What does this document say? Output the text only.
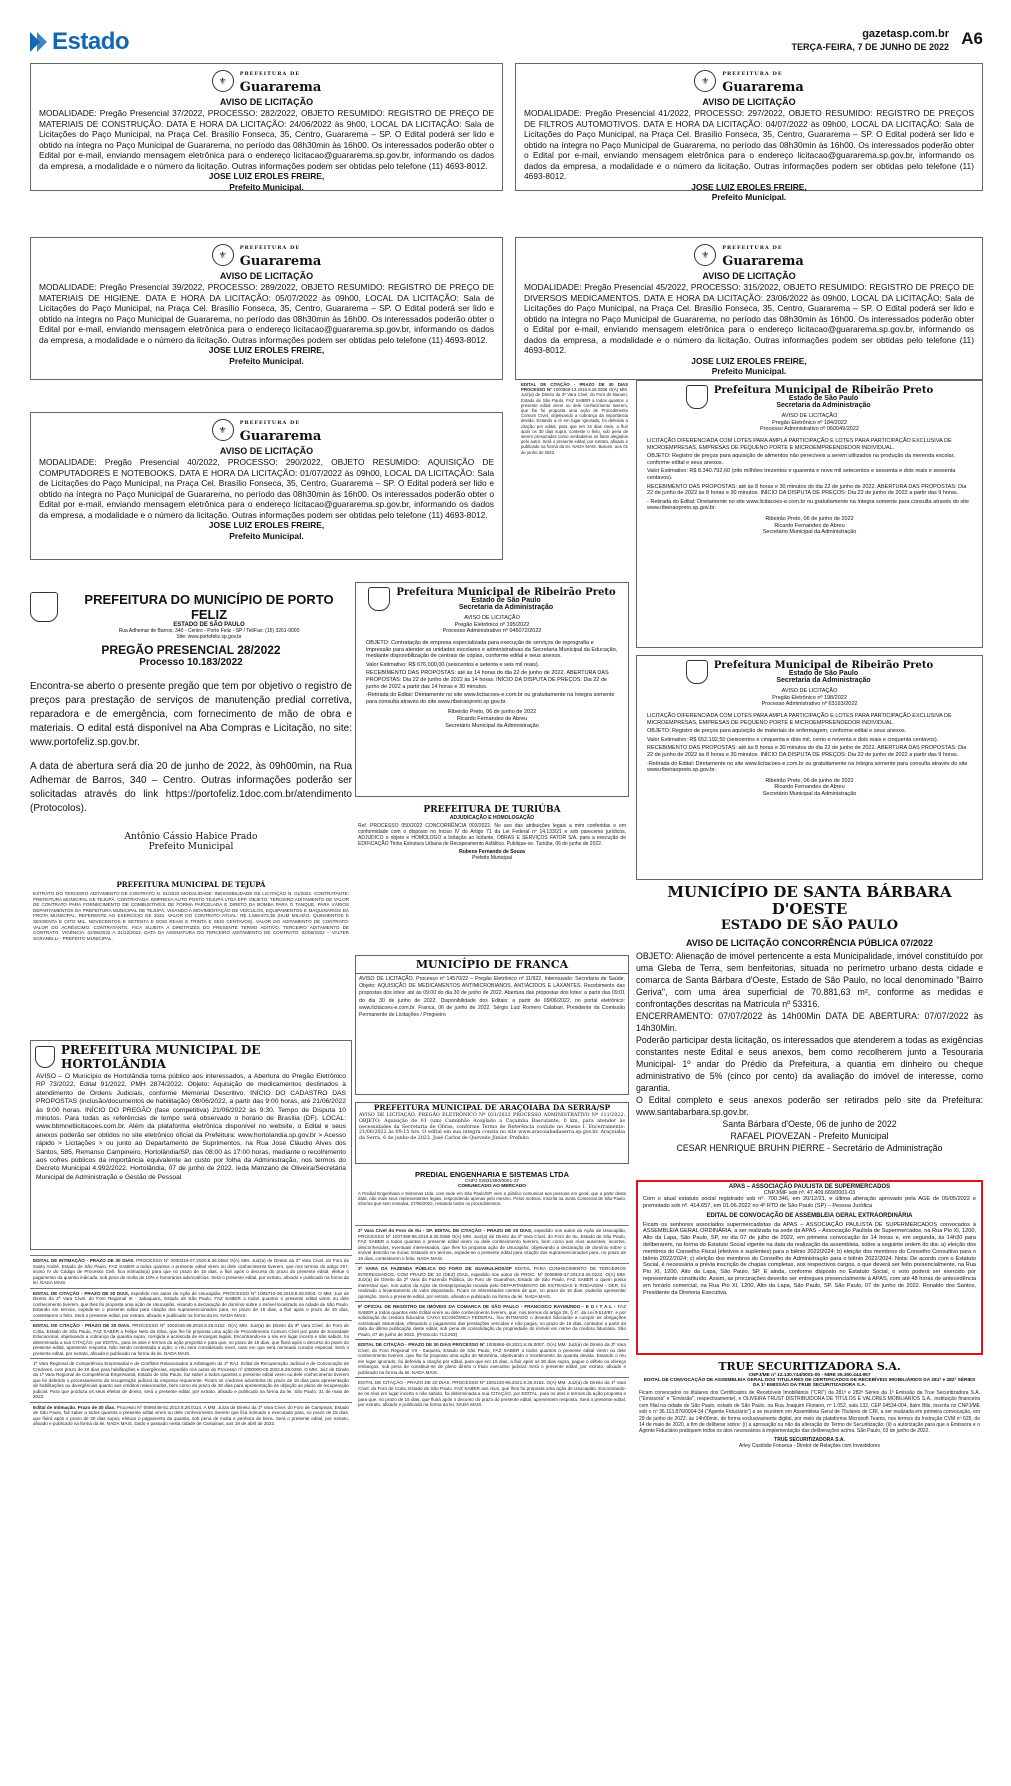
Estado	gazetasp.com.br
TERÇA-FEIRA, 7 DE JUNHO DE 2022 A6
⚜
PREFEITURA DE
Guararema
AVISO DE LICITAÇÃO
MODALIDADE: Pregão Presencial 37/2022, PROCESSO: 282/2022, OBJETO RESUMIDO: REGISTRO DE PREÇO DE MATERIAIS DE CONSTRUÇÃO. DATA E HORA DA LICITAÇÃO: 24/06/2022 às 9h00, LOCAL DA LICITAÇÃO: Sala de Licitações do Paço Municipal, na Praça Cel. Brasílio Fonseca, 35, Centro, Guararema – SP. O Edital poderá ser lido e obtido na íntegra no Paço Municipal de Guararema, no período das 08h30min às 16h00. Os interessados poderão obter o Edital por e-mail, enviando mensagem eletrônica para o endereço licitacao@guararema.sp.gov.br, informando os dados da empresa, a modalidade e o número da licitação. Outras informações podem ser obtidas pelo telefone (11) 4693-8012.
JOSE LUIZ EROLES FREIRE,
Prefeito Municipal.
⚜
PREFEITURA DE
Guararema
AVISO DE LICITAÇÃO
MODALIDADE: Pregão Presencial 41/2022, PROCESSO: 297/2022, OBJETO RESUMIDO: REGISTRO DE PREÇOS DE FILTROS AUTOMOTIVOS. DATA E HORA DA LICITAÇÃO: 04/07/2022 às 09h00, LOCAL DA LICITAÇÃO: Sala de Licitações do Paço Municipal, na Praça Cel. Brasílio Fonseca, 35, Centro, Guararema – SP. O Edital poderá ser lido e obtido na íntegra no Paço Municipal de Guararema, no período das 08h30min às 16h00. Os interessados poderão obter o Edital por e-mail, enviando mensagem eletrônica para o endereço licitacao@guararema.sp.gov.br, informando os dados da empresa, a modalidade e o número da licitação. Outras informações podem ser obtidas pelo telefone (11) 4693-8012.
JOSE LUIZ EROLES FREIRE,
Prefeito Municipal.
⚜
PREFEITURA DE
Guararema
AVISO DE LICITAÇÃO
MODALIDADE: Pregão Presencial 39/2022, PROCESSO: 289/2022, OBJETO RESUMIDO: REGISTRO DE PREÇO DE MATERIAIS DE HIGIENE. DATA E HORA DA LICITAÇÃO: 05/07/2022 às 09h00, LOCAL DA LICITAÇÃO: Sala de Licitações do Paço Municipal, na Praça Cel. Brasílio Fonseca, 35, Centro, Guararema – SP. O Edital poderá ser lido e obtido na íntegra no Paço Municipal de Guararema, no período das 08h30min às 16h00. Os interessados poderão obter o Edital por e-mail, enviando mensagem eletrônica para o endereço licitacao@guararema.sp.gov.br, informando os dados da empresa, a modalidade e o número da licitação. Outras informações podem ser obtidas pelo telefone (11) 4693-8012.
JOSE LUIZ EROLES FREIRE,
Prefeito Municipal.
⚜
PREFEITURA DE
Guararema
AVISO DE LICITAÇÃO
MODALIDADE: Pregão Presencial 45/2022, PROCESSO: 315/2022, OBJETO RESUMIDO: REGISTRO DE PREÇO DE DIVERSOS MEDICAMENTOS. DATA E HORA DA LICITAÇÃO: 23/06/2022 às 09h00, LOCAL DA LICITAÇÃO: Sala de Licitações do Paço Municipal, na Praça Cel. Brasílio Fonseca, 35, Centro, Guararema – SP. O Edital poderá ser lido e obtido na íntegra no Paço Municipal de Guararema, no período das 08h30min às 16h00. Os interessados poderão obter o Edital por e-mail, enviando mensagem eletrônica para o endereço licitacao@guararema.sp.gov.br, informando os dados da empresa, a modalidade e o número da licitação. Outras informações podem ser obtidas pelo telefone (11) 4693-8012.
JOSE LUIZ EROLES FREIRE,
Prefeito Municipal.
⚜
PREFEITURA DE
Guararema
AVISO DE LICITAÇÃO
MODALIDADE: Pregão Presencial 40/2022, PROCESSO: 290/2022, OBJETO RESUMIDO: AQUISIÇÃO DE COMPUTADORES E NOTEBOOKS. DATA E HORA DA LICITAÇÃO: 01/07/2022 às 09h00, LOCAL DA LICITAÇÃO: Sala de Licitações do Paço Municipal, na Praça Cel. Brasílio Fonseca, 35, Centro, Guararema – SP. O Edital poderá ser lido e obtido na íntegra no Paço Municipal de Guararema, no período das 08h30min às 16h00. Os interessados poderão obter o Edital por e-mail, enviando mensagem eletrônica para o endereço licitacao@guararema.sp.gov.br, informando os dados da empresa, a modalidade e o número da licitação. Outras informações podem ser obtidas pelo telefone (11) 4693-8012.
JOSE LUIZ EROLES FREIRE,
Prefeito Municipal.
EDITAL DE CITAÇÃO - PRAZO DE 30 DIAS PROCESSO Nº 1000868-13.2018.8.26.0068 O(A) MM. Juiz(a) de Direito da 3ª Vara Cível, do Foro de Barueri, Estado de São Paulo, FAZ SABER a todos quantos o presente edital virem ou dele conhecimento tiverem, que lhe foi proposta uma ação de Procedimento Comum Cível, objetivando a cobrança da importância devida. Estando a ré em lugar ignorado, foi deferida a citação por edital, para que em 15 dias úteis, a fluir após os 30 dias supra, conteste o feito, sob pena de serem presumidos como verdadeiros os fatos alegados pelo autor. Será o presente edital, por extrato, afixado e publicado na forma da lei. NADA MAIS. Barueri, aos 01 de junho de 2022.
Prefeitura Municipal de Ribeirão Preto
Estado de São Paulo
Secretaria da Administração
AVISO DE LICITAÇÃO
Pregão Eletrônico nº 184/2022
Processo Administrativo nº 060049/2022

LICITAÇÃO DIFERENCIADA COM LOTES PARA AMPLA PARTICIPAÇÃO E LOTES PARA PARTICIPAÇÃO EXCLUSIVA DE MICROEMPRESAS, EMPRESAS DE PEQUENO PORTE E MICROEMPREENDEDOR INDIVIDUAL.

OBJETO: Registro de preços para aquisição de alimentos não perecíveis a serem utilizados na produção da merenda escolar, conforme edital e seus anexos.

Valor Estimativo: R$ 8.340.792,60 (oito milhões trezentos e quarenta e nove mil setecentos e sessenta e dois reais e sessenta centavos).

RECEBIMENTO DAS PROPOSTAS: até às 8 horas e 30 minutos do dia 22 de junho de 2022. ABERTURA DAS PROPOSTAS: Dia 22 de junho de 2022 às 8 horas e 30 minutos. INÍCIO DA DISPUTA DE PREÇOS: Dia 22 de junho de 2022 a partir das 9 horas.

- Retirada do Edital: Diretamente no site www.licitacoes-e.com.br ou gratuitamente na íntegra somente para consulta através do site www.ribeiraopreto.sp.gov.br.

Ribeirão Preto, 06 de junho de 2022
Ricardo Fernandes de Abreu
Secretário Municipal da Administração
PREFEITURA DO MUNICÍPIO DE PORTO FELIZ
ESTADO DE SÃO PAULO
Rua Adhemar de Barros, 340 - Centro - Porto Feliz - SP / Tel/Fax: (15) 3261-9000
Site: www.portofeliz.sp.gov.br
PREGÃO PRESENCIAL 28/2022
Processo 10.183/2022
Encontra-se aberto o presente pregão que tem por objetivo o registro de preços para prestação de serviços de manutenção predial corretiva, reparadora e de emergência, com fornecimento de mão de obra e materiais. O edital está disponível na Aba Compras e Licitação, no site: www.portofeliz.sp.gov.br.
A data de abertura será dia 20 de junho de 2022, às 09h00min, na Rua Adhemar de Barros, 340 – Centro. Outras informações poderão ser solicitadas através do link https://portofeliz.1doc.com.br/atendimento (Protocolos).
Antônio Cássio Habice Prado
Prefeito Municipal
Prefeitura Municipal de Ribeirão Preto
Estado de São Paulo
Secretaria da Administração
AVISO DE LICITAÇÃO
Pregão Eletrônico nº 195/2022
Processo Administrativo nº 046072/2022

OBJETO: Contratação de empresa especializada para execução de serviços de reprografia e impressão para atender as unidades escolares e administrativas da Secretaria Municipal da Educação, mediante disponibilização de centrais de cópias, conforme edital e seus anexos.

Valor Estimativo: R$ 676.000,00 (seiscentos e setenta e seis mil reais).

RECEBIMENTO DAS PROPOSTAS: até às 14 horas do dia 22 de junho de 2022. ABERTURA DAS PROPOSTAS: Dia 22 de junho de 2022 às 14 horas. INÍCIO DA DISPUTA DE PREÇOS: Dia 22 de junho de 2022 a partir das 14 horas e 30 minutos.

-Retirada do Edital: Diretamente no site www.licitacoes-e.com.br ou gratuitamente na íntegra somente para consulta através do site www.ribeiraopreto.sp.gov.br.

Ribeirão Preto, 06 de junho de 2022
Ricardo Fernandes de Abreu
Secretário Municipal da Administração
Prefeitura Municipal de Ribeirão Preto
Estado de São Paulo
Secretaria da Administração
AVISO DE LICITAÇÃO
Pregão Eletrônico nº 198/2022
Processo Administrativo nº 63193/2022

LICITAÇÃO DIFERENCIADA COM LOTES PARA AMPLA PARTICIPAÇÃO E LOTES PARA PARTICIPAÇÃO EXCLUSIVA DE MICROEMPRESAS, EMPRESAS DE PEQUENO PORTE E MICROEMPREENDEDOR INDIVIDUAL.

OBJETO: Registro de preços para aquisição de materiais de enfermagem, conforme edital e seus anexos.

Valor Estimativo: R$ 652.192,50 (seiscentos e cinquenta e dois mil, cento e noventa e dois reais e cinquenta centavos).

RECEBIMENTO DAS PROPOSTAS: até às 8 horas e 30 minutos do dia 22 de junho de 2022. ABERTURA DAS PROPOSTAS: Dia 22 de junho de 2022 às 8 horas e 30 minutos. INÍCIO DA DISPUTA DE PREÇOS: Dia 22 de junho de 2022 a partir das 9 horas.

-Retirada do Edital: Diretamente no site www.licitacoes-e.com.br ou gratuitamente na íntegra somente para consulta através do site www.ribeiraopreto.sp.gov.br.

Ribeirão Preto, 06 de junho de 2022
Ricardo Fernandes de Abreu
Secretário Municipal da Administração
PREFEITURA DE TURIÚBA
ADJUDICAÇÃO E HOMOLOGAÇÃO
Ref. PROCESSO 050/2022 CONCORRÊNCIA 003/2022. No uso das atribuições legais a mim conferidas e em conformidade com o disposto no Inciso IV do Artigo 71 da Lei Federal nº 14.133/21 e sob pareceres jurídicos, ADJUDICO o objeto e HOMOLOGO a licitação ao licitante, OBRAS E SERVIÇOS FATOR S/A, para a execução de EDIFICAÇÃO Tinha Estrutura Urbana de Recapeamento Asfáltico. Publique-se. Turiúba, 06 de junho de 2022.
Rubens Fernando de Souza
Prefeito Municipal
PREFEITURA MUNICIPAL DE TEJUPÁ
EXTRATO DO TERCEIRO ADITAMENTO DE CONTRATO N. 01/2022 MODALIDADE: INEXIGIBILIDADE DE LICITAÇÃO N. 01/2022. CONTRATANTE: PREFEITURA MUNICIPAL DE TEJUPÁ. CONTRATADA: EMPRESA AUTO POSTO TEJUPÁ LTDA EPP. OBJETO: TERCEIRO ADITAMENTO DE VALOR DE CONTRATO PARA FORNECIMENTO DE COMBUSTÍVEIS DE FORMA PARCELADA E DIRETO DA BOMBA PARA O TANQUE, PARA VÁRIOS DEPARTAMENTOS DA PREFEITURA MUNICIPAL DE TEJUPÁ, VISANDO A MOVIMENTAÇÃO DE VEÍCULOS, EQUIPAMENTOS E MAQUINÁRIOS DA FROTA MUNICIPAL, REFERENTE AO EXERCÍCIO DE 2022. VALOR DO CONTRATO ATUAL: R$ 1.568.972,36 (HUM MILHÃO, QUINHENTOS E SESSENTA E OITO MIL, NOVECENTOS E SETENTA E DOIS REAIS E TRINTA E SEIS CENTAVOS). VALOR DO ADITAMENTO DE CONTRATO: VALOR DO ACRÉSCIMO. CONTRATANTE, FICA SUJEITA A DIRETRIZES DO PRESENTE TERMO ADITIVO. TERCEIRO ADITAMENTO DE CONTRATO. VIGÊNCIA: 02/06/2022 A 31/12/2022. DATA DA ASSINATURA DO TERCEIRO ADITAMENTO DE CONTRATO: 02/06/2022 – VALTER SCRANELLI - PREFEITO MUNICIPAL.
MUNICÍPIO DE SANTA BÁRBARA D'OESTE
ESTADO DE SÃO PAULO
AVISO DE LICITAÇÃO CONCORRÊNCIA PÚBLICA 07/2022
OBJETO: Alienação de imóvel pertencente a esta Municipalidade, imóvel constituído por uma Gleba de Terra, sem benfeitorias, situada no perímetro urbano desta cidade e comarca de Santa Bárbara d'Oeste, Estado de São Paulo, no local denominado "Bairro Geriva", com uma área superficial de 70.881,63 m², conforme as medidas e confrontações descritas na Matrícula nº 53316.
ENCERRAMENTO: 07/07/2022 às 14h00Min DATA DE ABERTURA: 07/07/2022 às 14h30Min.
Poderão participar desta licitação, os interessados que atenderem a todas as exigências constantes neste Edital e seus anexos, bem como recolherem junto a Tesouraria Municipal- 1º andar do Prédio da Prefeitura, a quantia em dinheiro ou cheque administrativo de 5% (cinco por cento) da avaliação do imóvel de interesse, como garantia.
O Edital completo e seus anexos poderão ser retirados pelo site da Prefeitura: www.santabarbara.sp.gov.br.
Santa Bárbara d'Oeste, 06 de junho de 2022
RAFAEL PIOVEZAN - Prefeito Municipal
CESAR HENRIQUE BRUHN PIERRE - Secretário de Administração
MUNICÍPIO DE FRANCA
AVISO DE LICITAÇÃO. Processo nº 14570/22 – Pregão Eletrônico nº 11/922. Interessado: Secretaria de Saúde. Objeto: AQUISIÇÃO DE MEDICAMENTOS ANTIMICROBIANOS, ANTIÁCIDOS E LAXANTES. Recebimento das propostas dos lotes: até às 09:00 do dia 30 de junho de 2022. Abertura das propostas dos lotes: a partir das 09:01 do dia 30 de junho de 2022. Disponibilidade dos Editais: a partir de 09/06/2022, no portal eletrônico: www.licitacoes-e.com.br. Franca, 06 de junho de 2022. Sérgio Luiz Romero Calabari. Presidente da Comissão Permanente de Licitações / Pregoeiro
PREFEITURA MUNICIPAL DE HORTOLÂNDIA
AVISO – O Município de Hortolândia torna público aos interessados, a Abertura do Pregão Eletrônico RP 73/2022, Edital 91/2022, PMH 2874/2022. Objeto: Aquisição de medicamentos destinados à atendimento de Ordens Judiciais, conforme Memorial Descritivo. INÍCIO DO CADASTRO DAS PROPOSTAS (inclusão/documentos de habilitação) 08/06/2022, a partir das 9:00 horas, até 21/06/2022 às 9:00 horas. INÍCIO DO PREGÃO (fase competitiva) 21/06/2022 às 9:30. Tempo de Disputa 10 minutos. Para todas as referências de tempo será observado o horário de Brasília (DF). LOCAL: www.bbmnetlicitacoes.com.br. Além da plataforma eletrônica disponível no website, o Edital e seus anexos poderão ser obtidos no site eletrônico oficial da Prefeitura: www.hortolandia.sp.gov.br > Acesso rápido > Licitações > ou junto ao Departamento de Suprimentos, na Rua José Cláudio Alves dos Santos, 585, Remanso Campineiro, Hortolândia/SP, das 08:00 às 17:00 horas, mediante o recolhimento aos cofres públicos da importância equivalente ao custo por folha da Administração, nos termos do Decreto Municipal 4.992/2022. Hortolândia, 07 de junho de 2022. Ieda Manzano de Oliveira/Secretária Municipal de Administração e Gestão de Pessoal
PREFEITURA MUNICIPAL DE ARAÇOIABA DA SERRA/SP
AVISO DE LICITAÇÃO, PREGÃO ELETRÔNICO Nº 031/2022 PROCESSO ADMINISTRATIVO Nº 111/2022. OBJETO: Aquisição de 01 (um) Caminhão Acoplado a Caçamba Basculante, 0 km, para atender às necessidades da Secretaria de Obras, conforme Termo de Referência contido no Anexo I. Encerramento: 21/06/2022 às 09:15 hrs. O edital em sua íntegra consta no site www.aracoiabadaserra.sp.gov.br. Araçoiaba da Serra, 6 de junho de 2022. José Carlos de Quevedo Júnior. Prefeito
PREDIAL ENGENHARIA E SISTEMAS LTDA
CNPJ 02831360/0001-27
COMUNICADO AO MERCADO
A Predial Engenharia e Sistemas Ltda. com sede em São Paulo/SP, vem a público comunicar aos pessoas em geral, que a partir desta data, não mais seus representantes legais, respondendo apenas pelo mesmo. Pelos motivos, inscrita na Junta Comercial de São Paulo, informa que sem ressalva, 27/06/2022, restando todos os procedimentos.
APAS – ASSOCIAÇÃO PAULISTA DE SUPERMERCADOS
CNPJ/MF sob nº. 47.409.669/0001-03
Com o atual estatuto social registrado sob nº. 700.346, em 20/12/21, e última alteração aprovado pela AGE de 05/05/2022 e premotado sob nº. 414.657, em 01.06.2022 no 4º RTD de São Paulo (SP) – Pessoa Jurídica
EDITAL DE CONVOCAÇÃO DE ASSEMBLEIA GERAL EXTRAORDINÁRIA
Ficam os senhores associados supermercadistas da APAS – ASSOCIAÇÃO PAULISTA DE SUPERMERCADOS convocados à ASSEMBLEIA GERAL ORDINÁRIA, a ser realizada na sede da APAS – Associação Paulista de Supermercados, na Rua Pio XI, 1200, Alto da Lapa, São Paulo, SP, no dia 07 de julho de 2022, em primeira convocação às 14 horas e, em segunda, às 14h30 para deliberarem, na forma do Estatuto Social vigente na data da realização da assembleia, sobre a seguinte ordem do dia: a) eleição dos membros do Conselho Fiscal (efetivos e suplentes) para o biênio 2022/2024; b) eleição dos membros do Conselho Consultivo para o biênio 2022/2024; c) eleição dos membros do Conselho de Administração para o biênio 2022/2024. Nota: De acordo com o Estatuto Social, é necessária a prévia inscrição de chapas completas, aos respectivos cargos, o que deverá ser feito presencialmente, na Rua Pio XI, 1200, Alto da Lapa, São Paulo, SP. E ainda, conforme disposto no Estatuto Social, o voto poderá ser exercido por representante constituído. Assim, as procurações deverão ser entregues presencialmente à APAS, com até 48 horas de antecedência em horário comercial, na Rua Pio XI, 1200, Alto da Lapa, São Paulo, SP. São Paulo, 07 de junho de 2022. Ronaldo dos Santos, Presidente da Diretoria Executiva.
TRUE SECURITIZADORA S.A.
CNPJ/ME nº 12.130.744/0001-00 - NIRE 35.300.444.957
EDITAL DE CONVOCAÇÃO DE ASSEMBLEIA GERAL DOS TITULARES DE CERTIFICADOS DE RECEBÍVEIS IMOBILIÁRIOS DA 281ª e 282ª SÉRIES DA 1ª EMISSÃO DA TRUE SECURITIZADORA S.A.
Ficam convocados os titulares dos Certificados de Recebíveis Imobiliários ("CRI") da 281ª e 282ª Séries da 1ª Emissão da True Securitizadora S.A. ("Emissora" e "Emissão", respectivamente), e OLIVEIRA TRUST DISTRIBUIDORA DE TÍTULOS E VALORES MOBILIÁRIOS S.A., instituição financeira com filial na cidade de São Paulo, estado de São Paulo, na Rua Joaquim Floriano, nº 1.052, sala 132, CEP 04534-004, Itaim Bibi, inscrita no CNPJ/ME sob o nº 36.113.876/0004-34 ("Agente Fiduciário") a se reunirem em Assembleia Geral de Titulares de CRI, a ser realizada em primeira convocação, em 29 de junho de 2022, às 14h00min, de forma exclusivamente digital, por meio da plataforma Microsoft Teams, nos termos da Instrução CVM nº 625, de 14 de maio de 2020, a fim de deliberar sobre: (i) a aprovação ou não da alteração do Termo de Securitização; (ii) a autorização para que a Emissora e o Agente Fiduciário pratiquem todos os atos necessários à implementação das deliberações acima. São Paulo, 03 de junho de 2022.
TRUE SECURITIZADORA S.A.
Arley Custódio Fonseca - Diretor de Relações com Investidores
EDITAL DE INTIMAÇÃO - PRAZO DE 30 DIAS. PROCESSO Nº 0000319-07.2020.8.26.0554 O(A) MM. Juiz(a) de Direito da 2ª Vara Cível, do Foro de Santo André, Estado de São Paulo, FAZ SABER a todos quantos o presente edital virem ou dele conhecimento tiverem, que nos termos do artigo 257, inciso IV do Código de Processo Civil, fica intimado(a) para que no prazo de 15 dias, a fluir após o decurso do prazo do presente edital, efetue o pagamento da quantia indicada, sob pena de multa de 10% e honorários advocatícios. Será o presente edital, por extrato, afixado e publicado na forma da lei. NADA MAIS.
EDITAL DE CITAÇÃO - PRAZO DE 20 DIAS, expedido nos autos da Ação de Usucapião, PROCESSO Nº 1005710-36.2019.8.26.0003. O MM. Juiz de Direito da 2ª Vara Cível, do Foro Regional III - Jabaquara, Estado de São Paulo, FAZ SABER a todos quantos o presente edital virem ou dele conhecimento tiverem, que lhes foi proposta uma ação de Usucapião, visando a declaração de domínio sobre o imóvel localizado na cidade de São Paulo. Estando em termos, expede-se o presente edital para citação dos supramencionados para, no prazo de 15 dias, a fluir após o prazo de 20 dias, contestarem o feito. Será o presente edital, por extrato, afixado e publicado na forma da lei. NADA MAIS.
EDITAL DE CITAÇÃO - PRAZO DE 20 DIAS. PROCESSO Nº 1002346-68.2018.8.26.0152. O(A) MM. Juiz(a) de Direito da 3ª Vara Cível, do Foro de Cotia, Estado de São Paulo, FAZ SABER a Felipe Neto da Silva, que lhe foi proposta uma ação de Procedimento Comum Cível por parte de Sociedade Educacional, objetivando a cobrança da quantia supra, corrigida e acrescida de encargos legais. Encontrando-se o réu em lugar incerto e não sabido, foi determinada a sua CITAÇÃO, por EDITAL, para os atos e termos da ação proposta e para que, no prazo de 15 dias, que fluirá após o decurso do prazo do presente edital, apresente resposta. Não sendo contestada a ação, o réu será considerado revel, caso em que será nomeado curador especial. Será o presente edital, por extrato, afixado e publicado na forma da lei. NADA MAIS.
1ª Vara Regional de Competência Empresarial e de Conflitos Relacionados à Arbitragem da 1ª RAJ. Edital de Recuperação Judicial e de Convocação de Credores, com prazo de 10 dias para habilitações e divergências, expedido nos autos do Processo nº 1000000-00.2022.8.26.0260. O MM. Juiz de Direito da 1ª Vara Regional de Competência Empresarial, Estado de São Paulo, faz saber a todos quantos o presente edital virem ou dele conhecimento tiverem que foi deferido o processamento da recuperação judicial da empresa requerente. Ficam os credores advertidos do prazo de 15 dias para apresentação de habilitações ou divergências quanto aos créditos relacionados, bem como do prazo de 30 dias para apresentação de objeção ao plano de recuperação judicial. Para que produza os seus efeitos de direito, será o presente edital, por extrato, afixado e publicado na forma da lei. São Paulo, 31 de maio de 2022.
Edital de Intimação. Prazo de 30 dias. Processo Nº 0006448-81.2012.8.26.0114. A MM. Juíza de Direito da 1ª Vara Cível, do Foro de Campinas, Estado de São Paulo, faz saber a todos quantos o presente edital virem ou dele conhecimento tiverem que fica intimado o executado para, no prazo de 15 dias, que fluirá após o prazo de 30 dias supra, efetuar o pagamento da quantia, sob pena de multa e penhora de bens. Será o presente edital, por extrato, afixado e publicado na forma da lei. NADA MAIS. Dado e passado nesta cidade de Campinas, aos 19 de abril de 2022.
2ª Vara Cível do Foro de Itu - SP. EDITAL DE CITAÇÃO - PRAZO DE 20 DIAS, expedido nos autos da Ação de Usucapião, PROCESSO Nº 1007489-56.2019.8.26.0286 O(A) MM. Juiz(a) de Direito da 2ª Vara Cível, do Foro de Itu, Estado de São Paulo, FAZ SABER a todos quantos o presente edital virem ou dele conhecimento tiverem, bem como aos réus ausentes, incertos, desconhecidos, eventuais interessados, que lhes foi proposta ação de Usucapião, objetivando a declaração de domínio sobre o imóvel descrito na inicial. Estando em termos, expede-se o presente edital para citação dos supramencionados para, no prazo de 15 dias, contestarem o feito. NADA MAIS.
2ª VARA DA FAZENDA PÚBLICA DO FORO DE GUARULHOS/SP EDITAL PARA CONHECIMENTO DE TERCEIROS INTERESSADOS, COM PRAZO DE 10 (DEZ) DIAS, expedido nos autos do PROC. Nº 0008995-37.2013.8.26.0224. O(A) MM. Juiz(a) de Direito da 2ª Vara da Fazenda Pública, do Foro de Guarulhos, Estado de São Paulo, FAZ SABER a quem possa interessar que, nos autos da Ação de Desapropriação movida pelo DEPARTAMENTO DE ESTRADAS E RODAGEM - DER, foi realizado o levantamento do valor depositado. Ficam os interessados cientes de que, no prazo de 10 dias, poderão apresentar oposição. Será o presente edital, por extrato, afixado e publicado na forma da lei. NADA MAIS.
9º OFICIAL DE REGISTRO DE IMÓVEIS DA COMARCA DE SÃO PAULO - FRANCISCO RAYMUNDO - E D I T A L - FAZ SABER a todos quantos este Edital virem ou dele conhecimento tiverem, que, nos termos do artigo 26, § 4º, da Lei 9.514/97, e por solicitação da credora fiduciária CAIXA ECONÔMICA FEDERAL, fica INTIMADO o devedor fiduciante a cumprir as obrigações contratuais assumidas, efetuando o pagamento das prestações vencidas e não pagas, no prazo de 15 dias, contados a partir da data da última publicação deste edital, sob pena de consolidação da propriedade do imóvel em nome da credora fiduciária. São Paulo, 07 de junho de 2022. (Protocolo 713.263)
EDITAL DE CITAÇÃO - PRAZO DE 30 DIAS PROCESSO Nº 1006886-48.2021.8.26.0007. O(A) MM. Juiz(a) de Direito da 3ª Vara Cível, do Foro Regional VII - Itaquera, Estado de São Paulo, FAZ SABER a todos quantos o presente edital virem ou dele conhecimento tiverem, que lhe foi proposta uma ação de Monitória, objetivando o recebimento da quantia devida. Estando o réu em lugar ignorado, foi deferida a citação por edital, para que em 15 dias, a fluir após os 30 dias supra, pague o débito ou ofereça embargos, sob pena de constituir-se de pleno direito o título executivo judicial. Será o presente edital, por extrato, afixado e publicado na forma da lei. NADA MAIS.
EDITAL DE CITAÇÃO - PRAZO DE 20 DIAS. PROCESSO Nº 1001233-66.2021.8.26.0152. O(A) MM. Juiz(a) de Direito da 1ª Vara Cível, do Foro de Cotia, Estado de São Paulo, FAZ SABER aos réus, que lhes foi proposta uma ação de Usucapião. Encontrando-se os réus em lugar incerto e não sabido, foi determinada a sua CITAÇÃO, por EDITAL, para os atos e termos da ação proposta e para que, no prazo de 15 dias, que fluirá após o decurso do prazo do presente edital, apresentem resposta. Será o presente edital, por extrato, afixado e publicado na forma da lei. NADA MAIS.
